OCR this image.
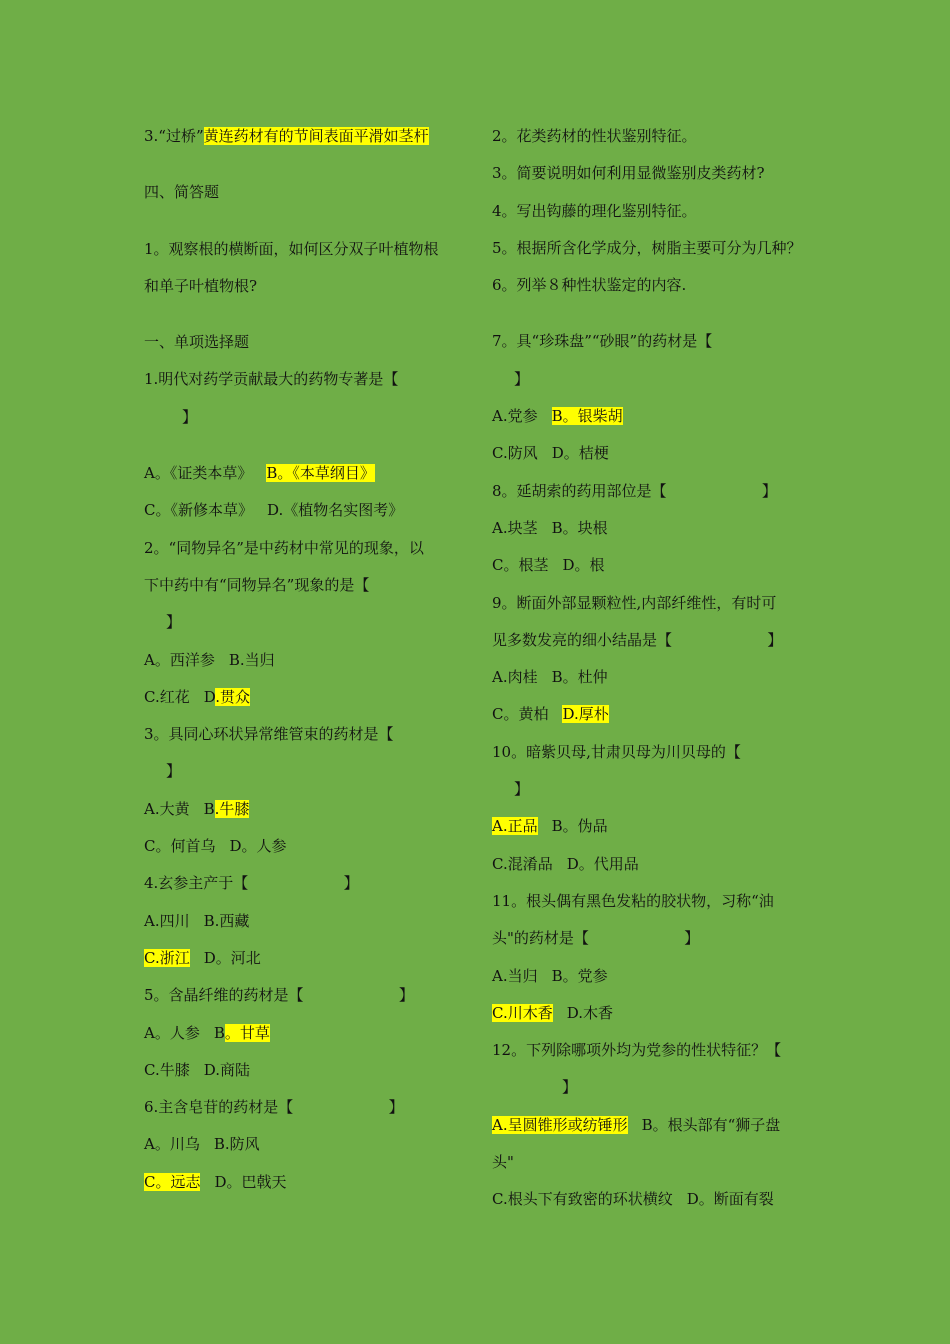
3.“过桥”黄连药材有的节间表面平滑如茎杆
四、简答题
1。观察根的横断面，如何区分双子叶植物根
和单子叶植物根?
一、单项选择题
1.明代对药学贡献最大的药物专著是【
】
A。《证类本草》 B。《本草纲目》
C。《新修本草》 D.《植物名实图考》
2。“同物异名”是中药材中常见的现象，以
下中药中有“同物异名”现象的是【
】
A。西洋参 B.当归
C.红花 D.贯众
3。具同心环状异常维管束的药材是【
】
A.大黄 B.牛膝
C。何首乌 D。人参
4.玄参主产于【                    】
A.四川 B.西藏
C.浙江 D。河北
5。含晶纤维的药材是【                    】
A。人参 B。甘草
C.牛膝 D.商陆
6.主含皂苷的药材是【                    】
A。川乌 B.防风
C。远志 D。巴戟天
2。花类药材的性状鉴别特征。
3。简要说明如何利用显微鉴别皮类药材?
4。写出钩藤的理化鉴别特征。
5。根据所含化学成分，树脂主要可分为几种？
6。列举８种性状鉴定的内容.
7。具“珍珠盘”“砂眼”的药材是【
】
A.党参 B。银柴胡
C.防风 D。桔梗
8。延胡索的药用部位是【                    】
A.块茎 B。块根
C。根茎 D。根
9。断面外部显颗粒性,内部纤维性，有时可
见多数发亮的细小结晶是【                    】
A.肉桂 B。杜仲
C。黄柏 D.厚朴
10。暗紫贝母,甘肃贝母为川贝母的【
】
A.正品 B。伪品
C.混淆品 D。代用品
11。根头偶有黑色发粘的胶状物，习称“油
头"的药材是【                    】
A.当归 B。党参
C.川木香 D.木香
12。下列除哪项外均为党参的性状特征？【
】
A.呈圆锥形或纺锤形 B。根头部有“狮子盘
头"
C.根头下有致密的环状横纹 D。断面有裂
